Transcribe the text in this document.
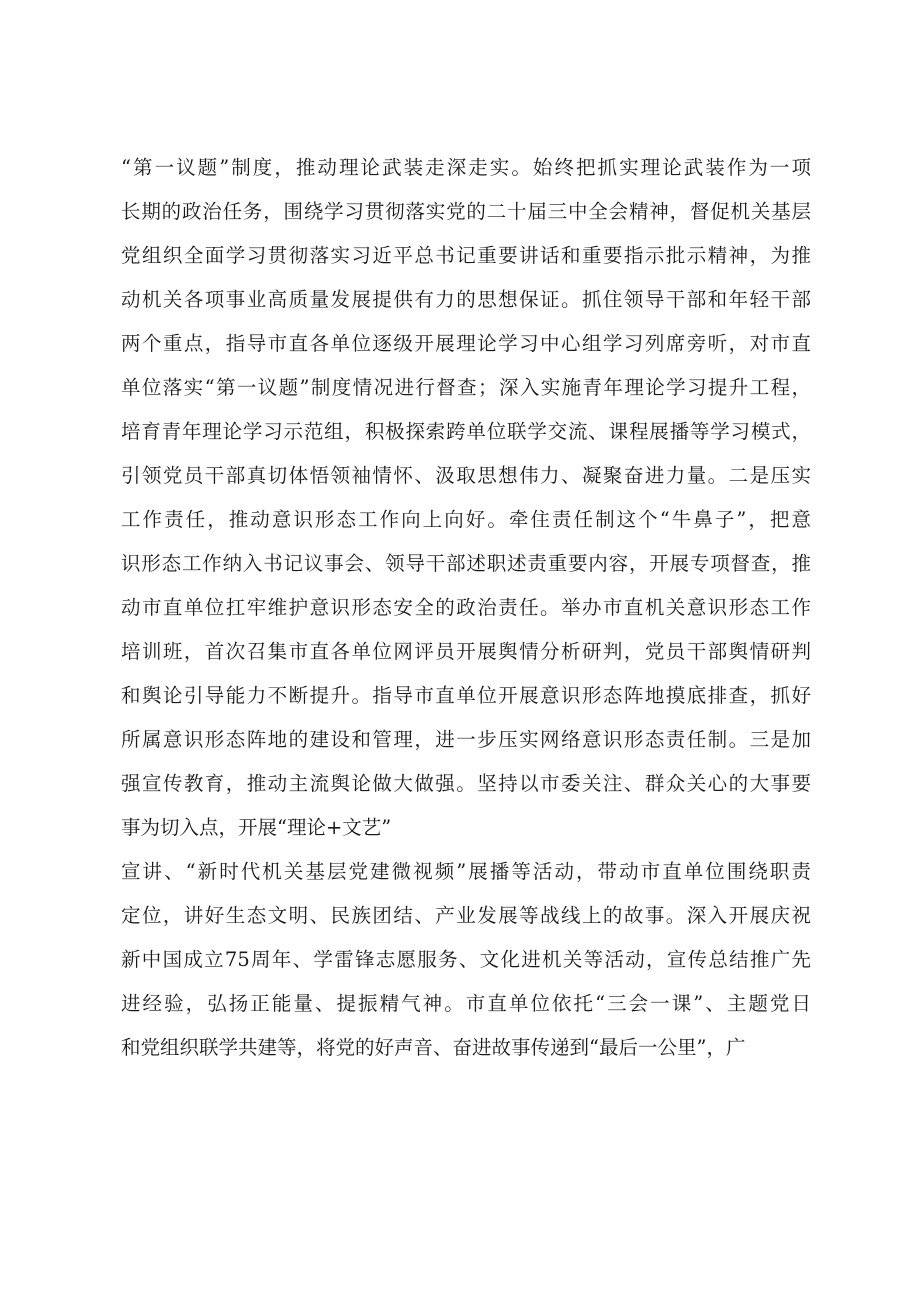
“第一议题”制度，推动理论武装走深走实。始终把抓实理论武装作为一项
长期的政治任务，围绕学习贯彻落实党的二十届三中全会精神，督促机关基层
党组织全面学习贯彻落实习近平总书记重要讲话和重要指示批示精神，为推
动机关各项事业高质量发展提供有力的思想保证。抓住领导干部和年轻干部
两个重点，指导市直各单位逐级开展理论学习中心组学习列席旁听，对市直
单位落实“第一议题”制度情况进行督查；深入实施青年理论学习提升工程，
培育青年理论学习示范组，积极探索跨单位联学交流、课程展播等学习模式，
引领党员干部真切体悟领袖情怀、汲取思想伟力、凝聚奋进力量。二是压实
工作责任，推动意识形态工作向上向好。牵住责任制这个“牛鼻子”，把意
识形态工作纳入书记议事会、领导干部述职述责重要内容，开展专项督查，推
动市直单位扛牢维护意识形态安全的政治责任。举办市直机关意识形态工作
培训班，首次召集市直各单位网评员开展舆情分析研判，党员干部舆情研判
和舆论引导能力不断提升。指导市直单位开展意识形态阵地摸底排查，抓好
所属意识形态阵地的建设和管理，进一步压实网络意识形态责任制。三是加
强宣传教育，推动主流舆论做大做强。坚持以市委关注、群众关心的大事要
事为切入点，开展“理论+文艺”
宣讲、“新时代机关基层党建微视频”展播等活动，带动市直单位围绕职责
定位，讲好生态文明、民族团结、产业发展等战线上的故事。深入开展庆祝
新中国成立75周年、学雷锋志愿服务、文化进机关等活动，宣传总结推广先
进经验，弘扬正能量、提振精气神。市直单位依托“三会一课”、主题党日
和党组织联学共建等，将党的好声音、奋进故事传递到“最后一公里”，广
